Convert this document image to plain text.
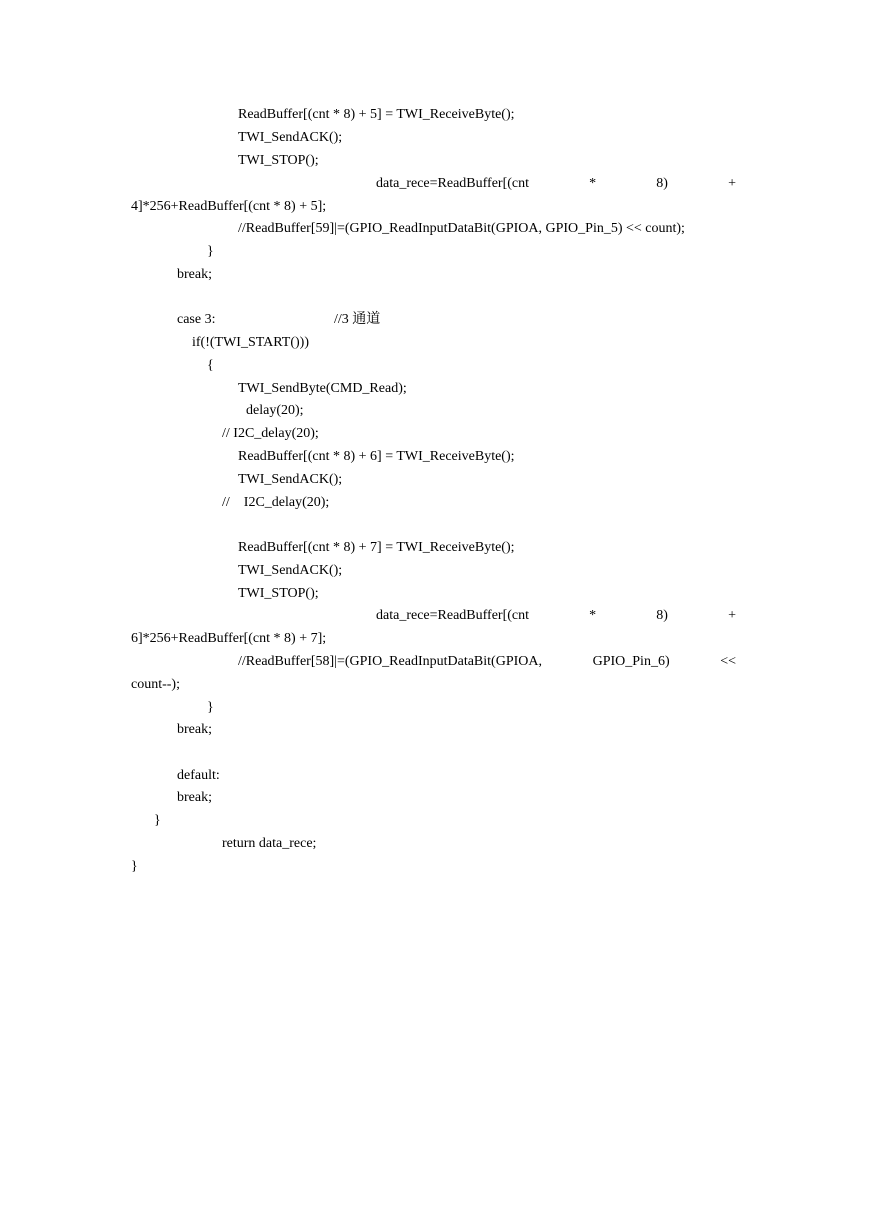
ReadBuffer[(cnt * 8) + 5] = TWI_ReceiveByte();
TWI_SendACK();
TWI_STOP();
data_rece=ReadBuffer[(cnt	*	8)	+
4]*256+ReadBuffer[(cnt * 8) + 5];
//ReadBuffer[59]|=(GPIO_ReadInputDataBit(GPIOA, GPIO_Pin_5) << count);
}
break;
case 3:	//3 通道
if(!(TWI_START()))
{
TWI_SendByte(CMD_Read);
delay(20);
// I2C_delay(20);
ReadBuffer[(cnt * 8) + 6] = TWI_ReceiveByte();
TWI_SendACK();
//    I2C_delay(20);
ReadBuffer[(cnt * 8) + 7] = TWI_ReceiveByte();
TWI_SendACK();
TWI_STOP();
data_rece=ReadBuffer[(cnt	*	8)	+
6]*256+ReadBuffer[(cnt * 8) + 7];
//ReadBuffer[58]|=(GPIO_ReadInputDataBit(GPIOA,	GPIO_Pin_6)	<<
count--);
}
break;
default:
break;
}
return data_rece;
}
